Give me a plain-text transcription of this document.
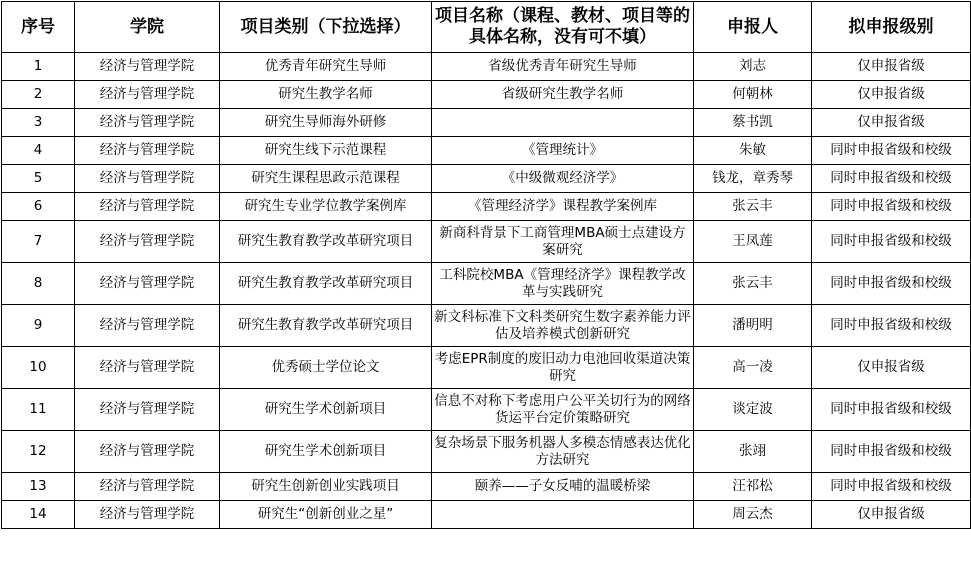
序号	学院	项目类别（下拉选择）	项目名称（课程、教材、项目等的具体名称，没有可不填）	申报人	拟申报级别
1	经济与管理学院	优秀青年研究生导师	省级优秀青年研究生导师	刘志	仅申报省级
2	经济与管理学院	研究生教学名师	省级研究生教学名师	何朝林	仅申报省级
3	经济与管理学院	研究生导师海外研修		蔡书凯	仅申报省级
4	经济与管理学院	研究生线下示范课程	《管理统计》	朱敏	同时申报省级和校级
5	经济与管理学院	研究生课程思政示范课程	《中级微观经济学》	钱龙，章秀琴	同时申报省级和校级
6	经济与管理学院	研究生专业学位教学案例库	《管理经济学》课程教学案例库	张云丰	同时申报省级和校级
7	经济与管理学院	研究生教育教学改革研究项目	新商科背景下工商管理MBA硕士点建设方案研究	王凤莲	同时申报省级和校级
8	经济与管理学院	研究生教育教学改革研究项目	工科院校MBA《管理经济学》课程教学改革与实践研究	张云丰	同时申报省级和校级
9	经济与管理学院	研究生教育教学改革研究项目	新文科标准下文科类研究生数字素养能力评估及培养模式创新研究	潘明明	同时申报省级和校级
10	经济与管理学院	优秀硕士学位论文	考虑EPR制度的废旧动力电池回收渠道决策研究	高一凌	仅申报省级
11	经济与管理学院	研究生学术创新项目	信息不对称下考虑用户公平关切行为的网络货运平台定价策略研究	谈定波	同时申报省级和校级
12	经济与管理学院	研究生学术创新项目	复杂场景下服务机器人多模态情感表达优化方法研究	张翊	同时申报省级和校级
13	经济与管理学院	研究生创新创业实践项目	颐养——子女反哺的温暖桥梁	汪祁松	同时申报省级和校级
14	经济与管理学院	研究生“创新创业之星”		周云杰	仅申报省级
